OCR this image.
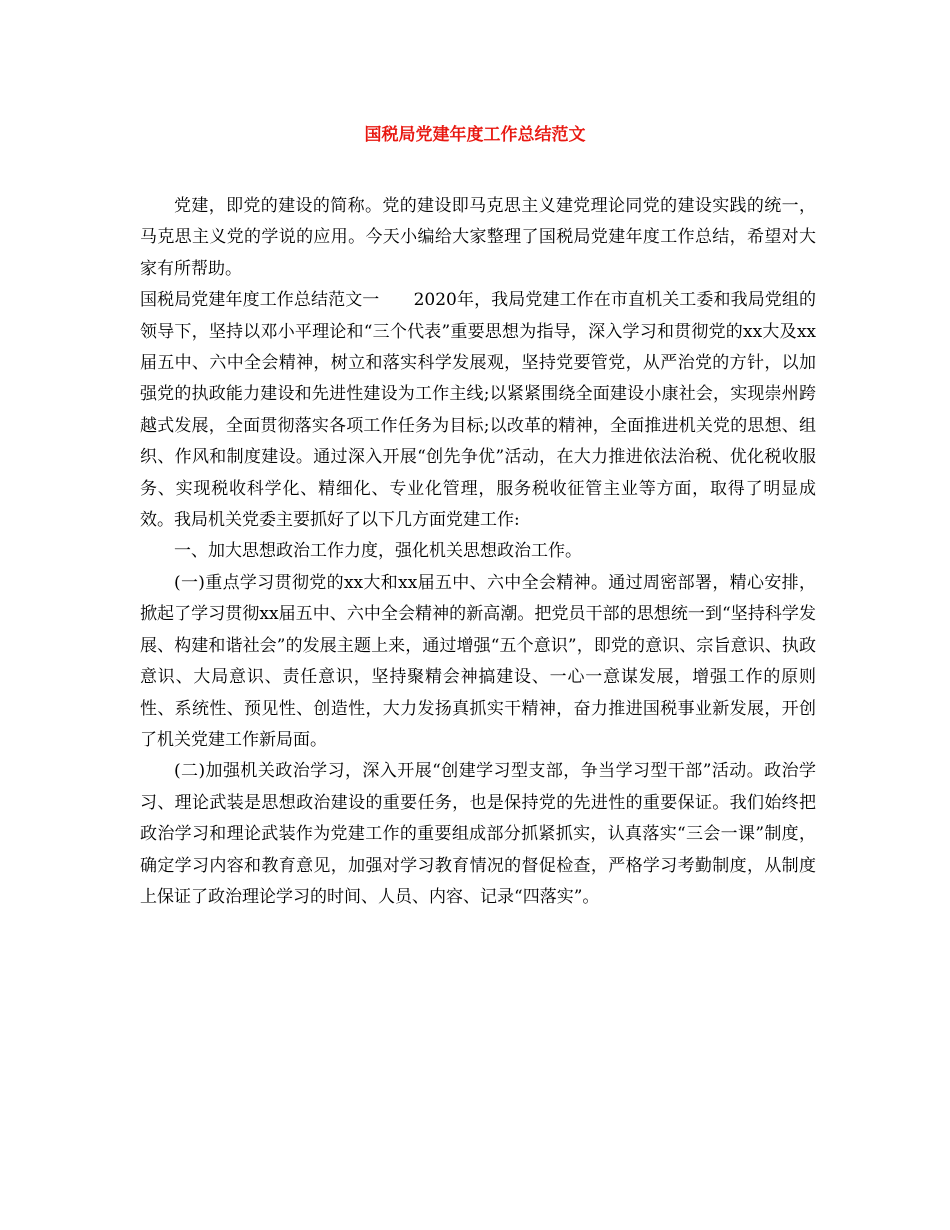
国税局党建年度工作总结范文

党建，即党的建设的简称。党的建设即马克思主义建党理论同党的建设实践的统一，马克思主义党的学说的应用。今天小编给大家整理了国税局党建年度工作总结，希望对大家有所帮助。

国税局党建年度工作总结范文一　　2020年，我局党建工作在市直机关工委和我局党组的领导下，坚持以邓小平理论和“三个代表”重要思想为指导，深入学习和贯彻党的xx大及xx届五中、六中全会精神，树立和落实科学发展观，坚持党要管党，从严治党的方针，以加强党的执政能力建设和先进性建设为工作主线;以紧紧围绕全面建设小康社会，实现崇州跨越式发展，全面贯彻落实各项工作任务为目标;以改革的精神，全面推进机关党的思想、组织、作风和制度建设。通过深入开展“创先争优”活动，在大力推进依法治税、优化税收服务、实现税收科学化、精细化、专业化管理，服务税收征管主业等方面，取得了明显成效。我局机关党委主要抓好了以下几方面党建工作:

一、加大思想政治工作力度，强化机关思想政治工作。

(一)重点学习贯彻党的xx大和xx届五中、六中全会精神。通过周密部署，精心安排，掀起了学习贯彻xx届五中、六中全会精神的新高潮。把党员干部的思想统一到“坚持科学发展、构建和谐社会”的发展主题上来，通过增强“五个意识”，即党的意识、宗旨意识、执政意识、大局意识、责任意识，坚持聚精会神搞建设、一心一意谋发展，增强工作的原则性、系统性、预见性、创造性，大力发扬真抓实干精神，奋力推进国税事业新发展，开创了机关党建工作新局面。

(二)加强机关政治学习，深入开展“创建学习型支部，争当学习型干部”活动。政治学习、理论武装是思想政治建设的重要任务，也是保持党的先进性的重要保证。我们始终把政治学习和理论武装作为党建工作的重要组成部分抓紧抓实，认真落实“三会一课”制度，确定学习内容和教育意见，加强对学习教育情况的督促检查，严格学习考勤制度，从制度上保证了政治理论学习的时间、人员、内容、记录“四落实”。
